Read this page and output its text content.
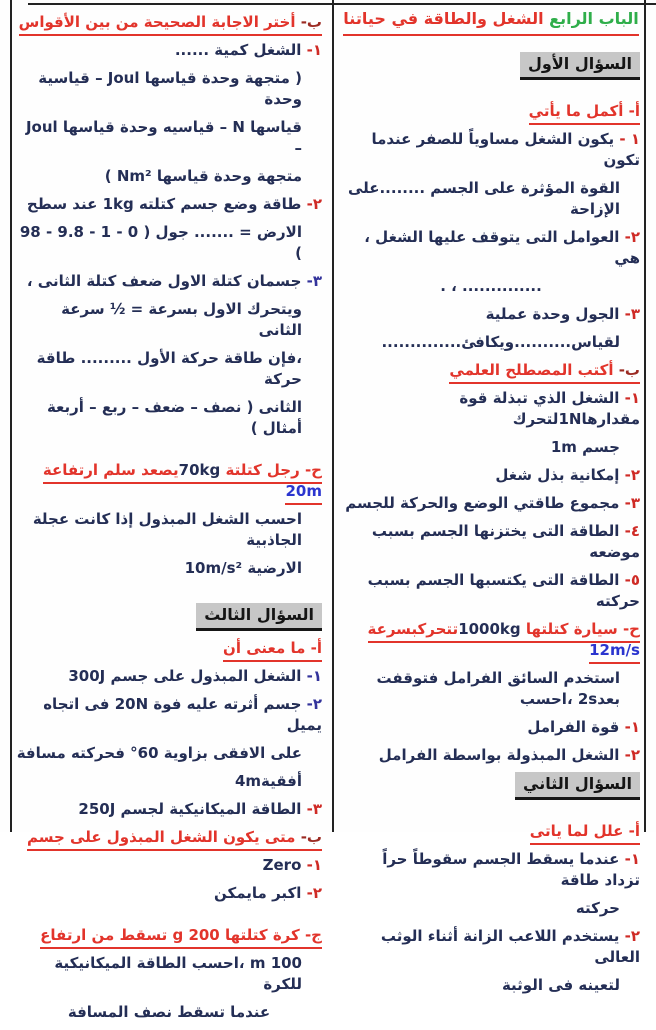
الباب الرابع الشغل والطاقة في حياتنا
السؤال الأول
أ- أكمل ما يأتي
١ - يكون الشغل مساوياً للصفر عندما تكون
القوة المؤثرة على الجسم ........على الإزاحة
٢- العوامل التى يتوقف عليها الشغل ، هي
.............. ، .
٣- الجول وحدة عملية
لقياس..........ويكافئ..............
ب- أكتب المصطلح العلمي
١- الشغل الذي تبذلة قوة مقدارها1Nلتحرك
جسم 1m
٢- إمكانية بذل شغل
٣- مجموع طاقتي الوضع والحركة للجسم
٤- الطاقة التى يختزنها الجسم بسبب موضعه
٥- الطاقة التى يكتسبها الجسم بسبب حركته
ح- سيارة كتلتها 1000kgتتحركبسرعة 12m/s
استخدم السائق الفرامل فتوقفت بعد2s ،احسب
١- قوة الفرامل
٢- الشغل المبذولة بواسطة الفرامل
السؤال الثاني
أ- علل لما ياتى
١- عندما يسقط الجسم سقوطاً حراً تزداد طاقة
حركته
٢- يستخدم اللاعب الزانة أثناء الوثب العالى
لتعينه فى الوثبة
ب- أختر الاجابة الصحيحة من بين الأقواس
١- الشغل كمية ......
( متجهة وحدة قياسها Joul – قياسية وحدة
قياسها N – قياسيه وحدة قياسها Joul –
متجهة وحدة قياسها Nm² )
٢- طاقة وضع جسم كتلته 1kg عند سطح
الارض = ....... جول ( 0 - 1 - 9.8 - 98 )
٣- جسمان كتلة الاول ضعف كتلة الثانى ،
ويتحرك الاول بسرعة = ½ سرعة الثانى
،فإن طاقة حركة الأول ......... طاقة حركة
الثانى ( نصف – ضعف – ربع – أربعة أمثال )
ح- رجل كتلتة 70kgيصعد سلم ارتفاعة 20m
احسب الشغل المبذول إذا كانت عجلة الجاذبية
الارضية 10m/s²
السؤال الثالث
أ- ما معنى أن
١- الشغل المبذول على جسم 300J
٢- جسم أثرته عليه فوة 20N فى اتجاه يميل
على الافقى بزاوية 60° فحركته مسافة
أفقية4m
٣- الطاقة الميكانيكية لجسم 250J
ب- متى يكون الشغل المبذول على جسم
١- Zero
٢- اكبر مايمكن
ج- كرة كتلتها 200 g تسقط من ارتفاع
100 m ،احسب الطاقة الميكانيكية للكرة
عندما تسقط نصف المسافة
